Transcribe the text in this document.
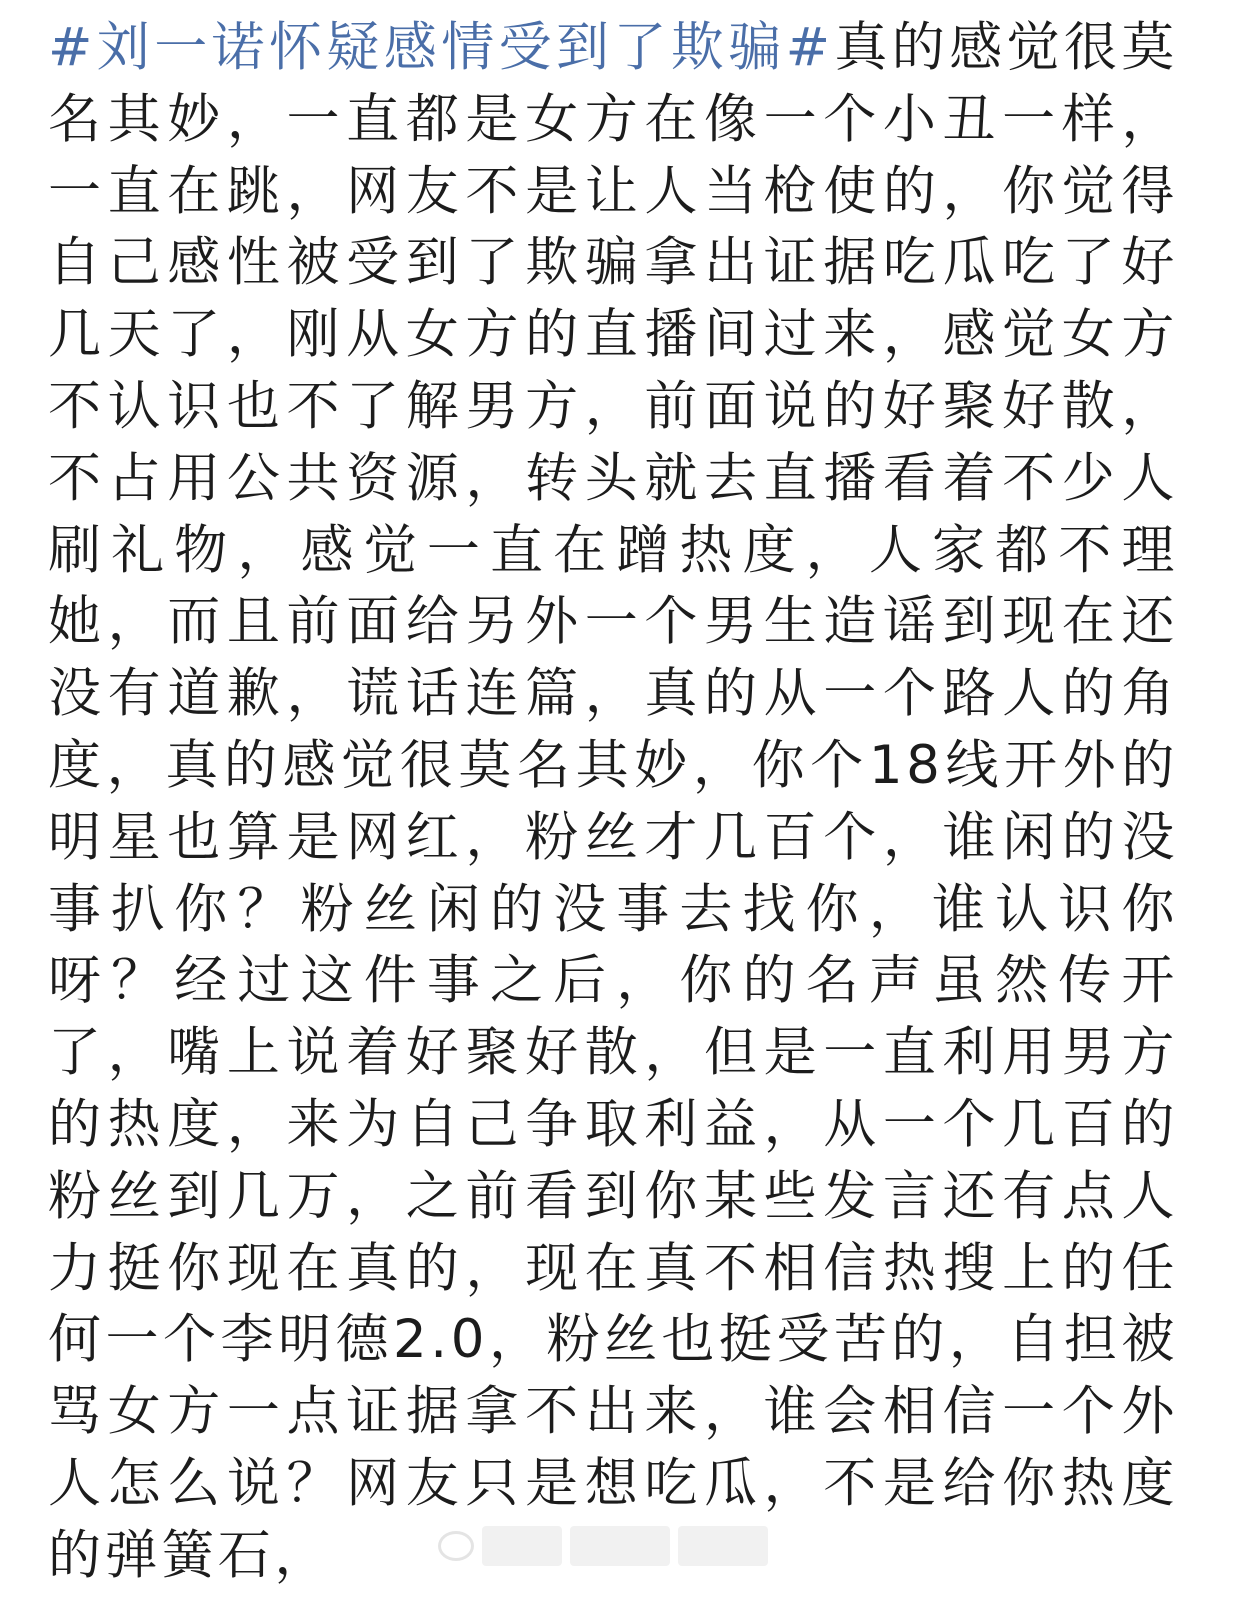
#刘一诺怀疑感情受到了欺骗#真的感觉很莫名其妙，一直都是女方在像一个小丑一样，一直在跳，网友不是让人当枪使的，你觉得自己感性被受到了欺骗拿出证据吃瓜吃了好几天了，刚从女方的直播间过来，感觉女方不认识也不了解男方，前面说的好聚好散，不占用公共资源，转头就去直播看着不少人刷礼物，感觉一直在蹭热度，人家都不理她，而且前面给另外一个男生造谣到现在还没有道歉，谎话连篇，真的从一个路人的角度，真的感觉很莫名其妙，你个18线开外的明星也算是网红，粉丝才几百个，谁闲的没事扒你？粉丝闲的没事去找你，谁认识你呀？经过这件事之后，你的名声虽然传开了，嘴上说着好聚好散，但是一直利用男方的热度，来为自己争取利益，从一个几百的粉丝到几万，之前看到你某些发言还有点人力挺你现在真的，现在真不相信热搜上的任何一个李明德2.0，粉丝也挺受苦的，自担被骂女方一点证据拿不出来，谁会相信一个外人怎么说？网友只是想吃瓜，不是给你热度的弹簧石，
